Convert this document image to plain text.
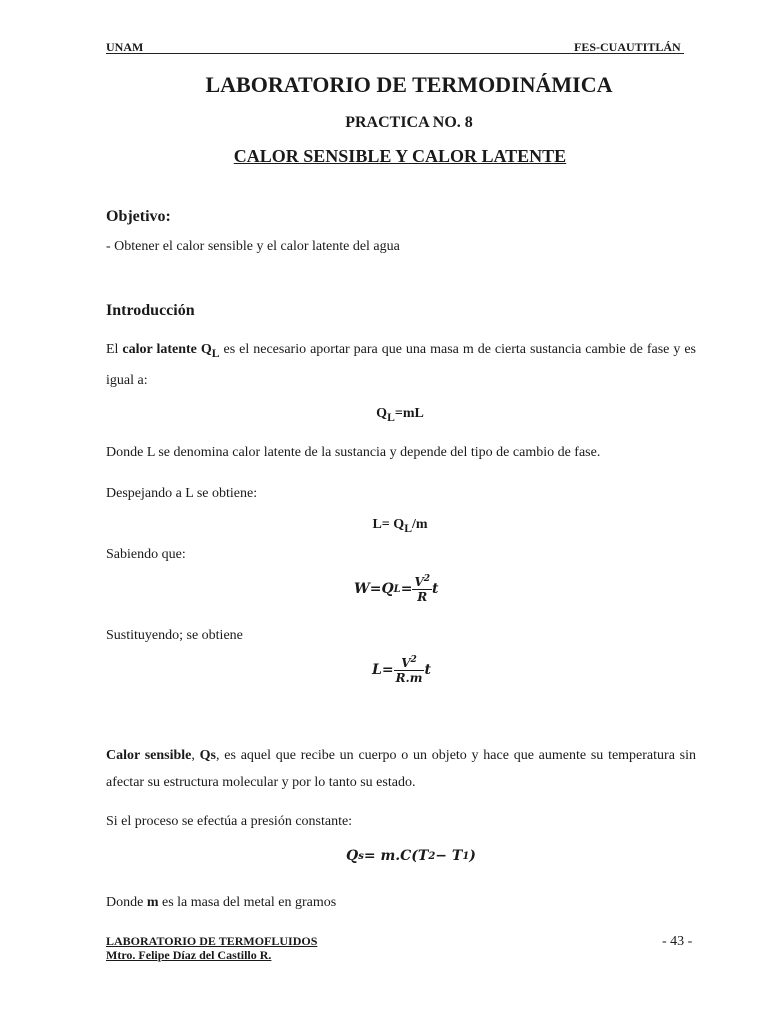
UNAM	FES-CUAUTITLÁN
LABORATORIO DE TERMODINÁMICA
PRACTICA NO. 8
CALOR SENSIBLE Y CALOR LATENTE
Objetivo:
- Obtener el calor sensible y el calor latente del agua
Introducción
El calor latente $Q_L$ es el necesario aportar para que una masa m de cierta sustancia cambie de fase y es igual a:
$Q_L=mL$
Donde L se denomina calor latente de la sustancia y depende del tipo de cambio de fase.
Despejando a L se obtiene:
$L= Q_L/m$
Sabiendo que:
W = Q $L = \frac{V^2}{R}$ t
Sustituyendo; se obtiene
$L = \frac{V^2}{R.m}$ t
Calor sensible, Qs, es aquel que recibe un cuerpo o un objeto y hace que aumente su temperatura sin afectar su estructura molecular y por lo tanto su estado.
Si el proceso se efectúa a presión constante:
Q s = m.C(T 2 − T 1 )
Donde m es la masa del metal en gramos
LABORATORIO DE TERMOFLUIDOS
Mtro. Felipe Díaz del Castillo R.
- 43 -
